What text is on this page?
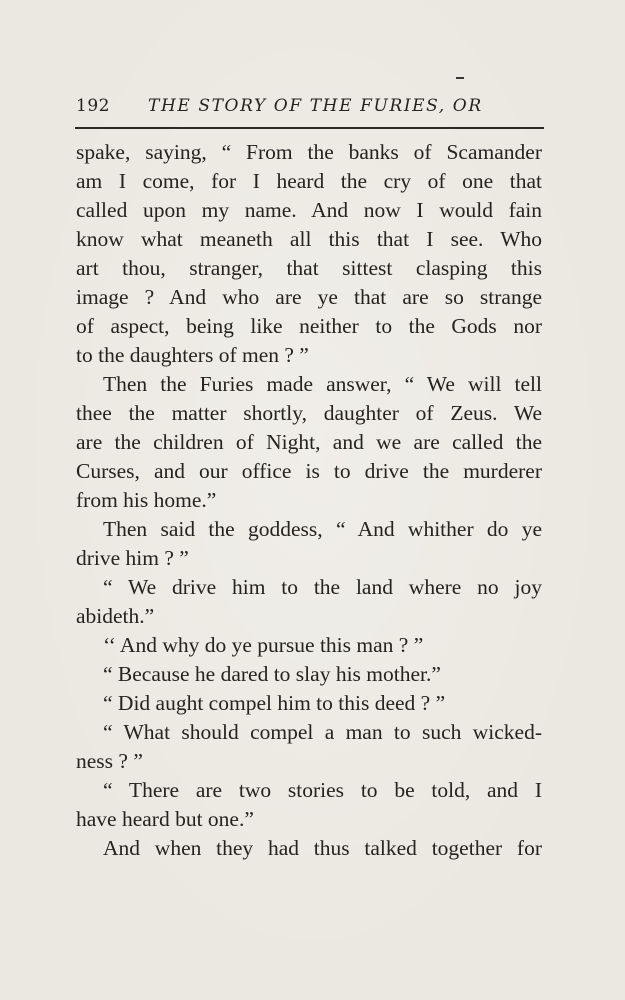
192 THE STORY OF THE FURIES, OR
spake, saying, “ From the banks of Scamander
am I come, for I heard the cry of one that
called upon my name. And now I would fain
know what meaneth all this that I see. Who
art thou, stranger, that sittest clasping this
image ? And who are ye that are so strange
of aspect, being like neither to the Gods nor
to the daughters of men ? ”
Then the Furies made answer, “ We will tell
thee the matter shortly, daughter of Zeus. We
are the children of Night, and we are called the
Curses, and our office is to drive the murderer
from his home.”
Then said the goddess, “ And whither do ye
drive him ? ”
“ We drive him to the land where no joy
abideth.”
‘‘ And why do ye pursue this man ? ”
“ Because he dared to slay his mother.”
“ Did aught compel him to this deed ? ”
“ What should compel a man to such wicked-
ness ? ”
“ There are two stories to be told, and I
have heard but one.”
And when they had thus talked together for
